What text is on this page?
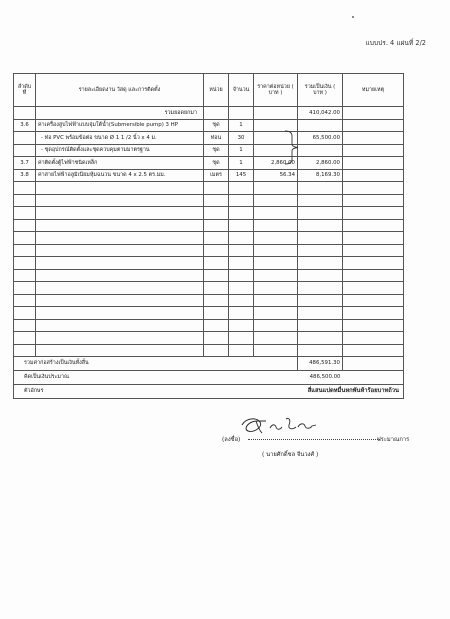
แบบปร. 4 แผ่นที่ 2/2
ลำดับ ที่	รายละเอียดงาน วัสดุ และการติดตั้ง	หน่วย	จำนวน	ราคาต่อหน่วย ( บาท )	รวมเป็นเงิน ( บาท )	หมายเหตุ
	รวมยอดยกมา				410,042.00	
3.6	ค่าเครื่องสูบไฟฟ้าแบบจุ่มใต้น้ำ(Submersible pump) 3 HP	ชุด	1			
	- ท่อ PVC พร้อมข้อต่อ ขนาด Ø 1 1 /2 นิ้ว x 4 ม.	ท่อน	30		65,500.00	
	- ชุดอุปกรณ์ติดตั้งและชุดควบคุมตามมาตรฐาน	ชุด	1			
3.7	ค่าติดตั้งตู้ไฟฟ้าชนิดเหล็ก	ชุด	1	2,860.00	2,860.00	
3.8	ค่าสายไฟฟ้าอลูมิเนียมหุ้มฉนวน ขนาด 4 x 2.5 ตร.มม.	เมตร	145	56.34	8,169.30	

รวมค่าก่อสร้างเป็นเงินทั้งสิ้น					486,591.30	
คิดเป็นเงินประมาณ					486,500.00	
ตัวอักษร		สี่แสนแปดหมื่นหกพันห้าร้อยบาทถ้วน				
(ลงชื่อ)	ประมาณการ
( นายศักดิ์ชล จีนวงศ์ )
